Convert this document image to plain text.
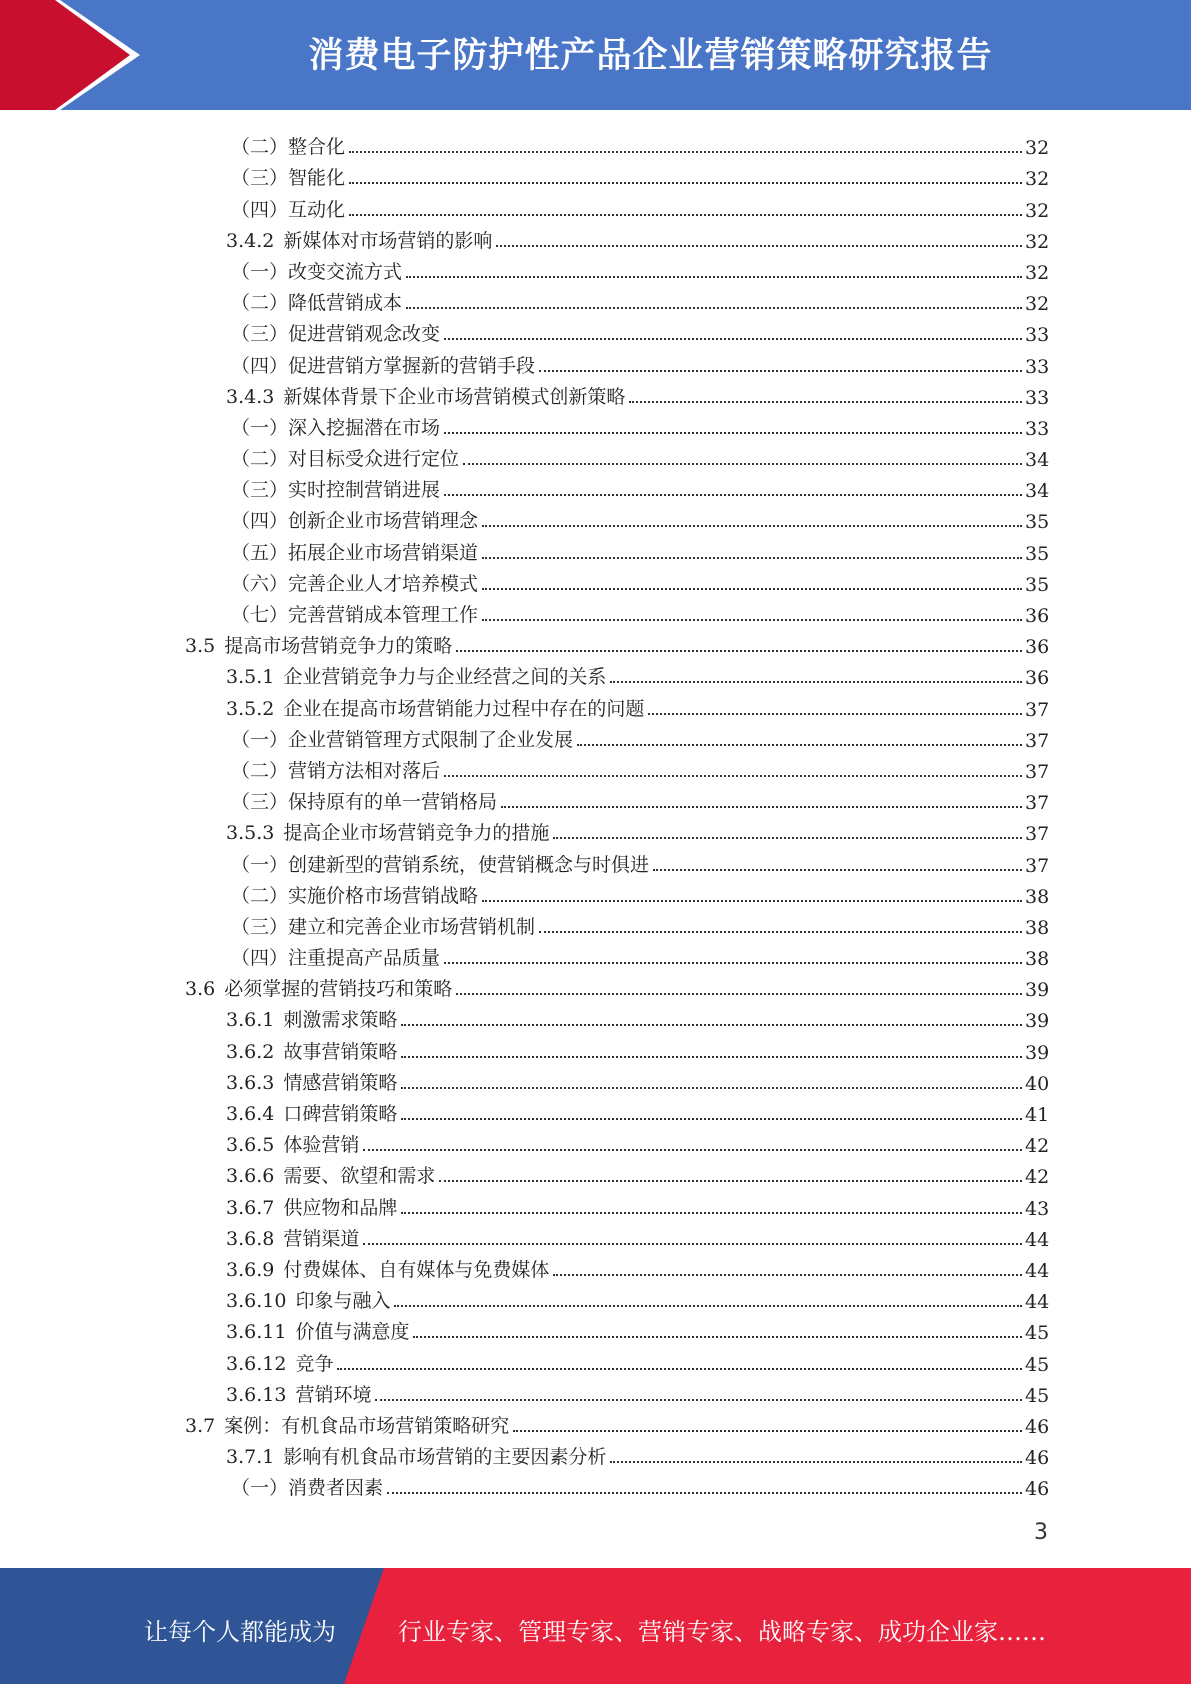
消费电子防护性产品企业营销策略研究报告
（二）整合化	32
（三）智能化	32
（四）互动化	32
3.4.2 新媒体对市场营销的影响	32
（一）改变交流方式	32
（二）降低营销成本	32
（三）促进营销观念改变	33
（四）促进营销方掌握新的营销手段	33
3.4.3 新媒体背景下企业市场营销模式创新策略	33
（一）深入挖掘潜在市场	33
（二）对目标受众进行定位	34
（三）实时控制营销进展	34
（四）创新企业市场营销理念	35
（五）拓展企业市场营销渠道	35
（六）完善企业人才培养模式	35
（七）完善营销成本管理工作	36
3.5 提高市场营销竞争力的策略	36
3.5.1 企业营销竞争力与企业经营之间的关系	36
3.5.2 企业在提高市场营销能力过程中存在的问题	37
（一）企业营销管理方式限制了企业发展	37
（二）营销方法相对落后	37
（三）保持原有的单一营销格局	37
3.5.3 提高企业市场营销竞争力的措施	37
（一）创建新型的营销系统，使营销概念与时俱进	37
（二）实施价格市场营销战略	38
（三）建立和完善企业市场营销机制	38
（四）注重提高产品质量	38
3.6 必须掌握的营销技巧和策略	39
3.6.1 刺激需求策略	39
3.6.2 故事营销策略	39
3.6.3 情感营销策略	40
3.6.4 口碑营销策略	41
3.6.5 体验营销	42
3.6.6 需要、欲望和需求	42
3.6.7 供应物和品牌	43
3.6.8 营销渠道	44
3.6.9 付费媒体、自有媒体与免费媒体	44
3.6.10 印象与融入	44
3.6.11 价值与满意度	45
3.6.12 竞争	45
3.6.13 营销环境	45
3.7 案例：有机食品市场营销策略研究	46
3.7.1 影响有机食品市场营销的主要因素分析	46
（一）消费者因素	46
3
让每个人都能成为	行业专家、管理专家、营销专家、战略专家、成功企业家……
